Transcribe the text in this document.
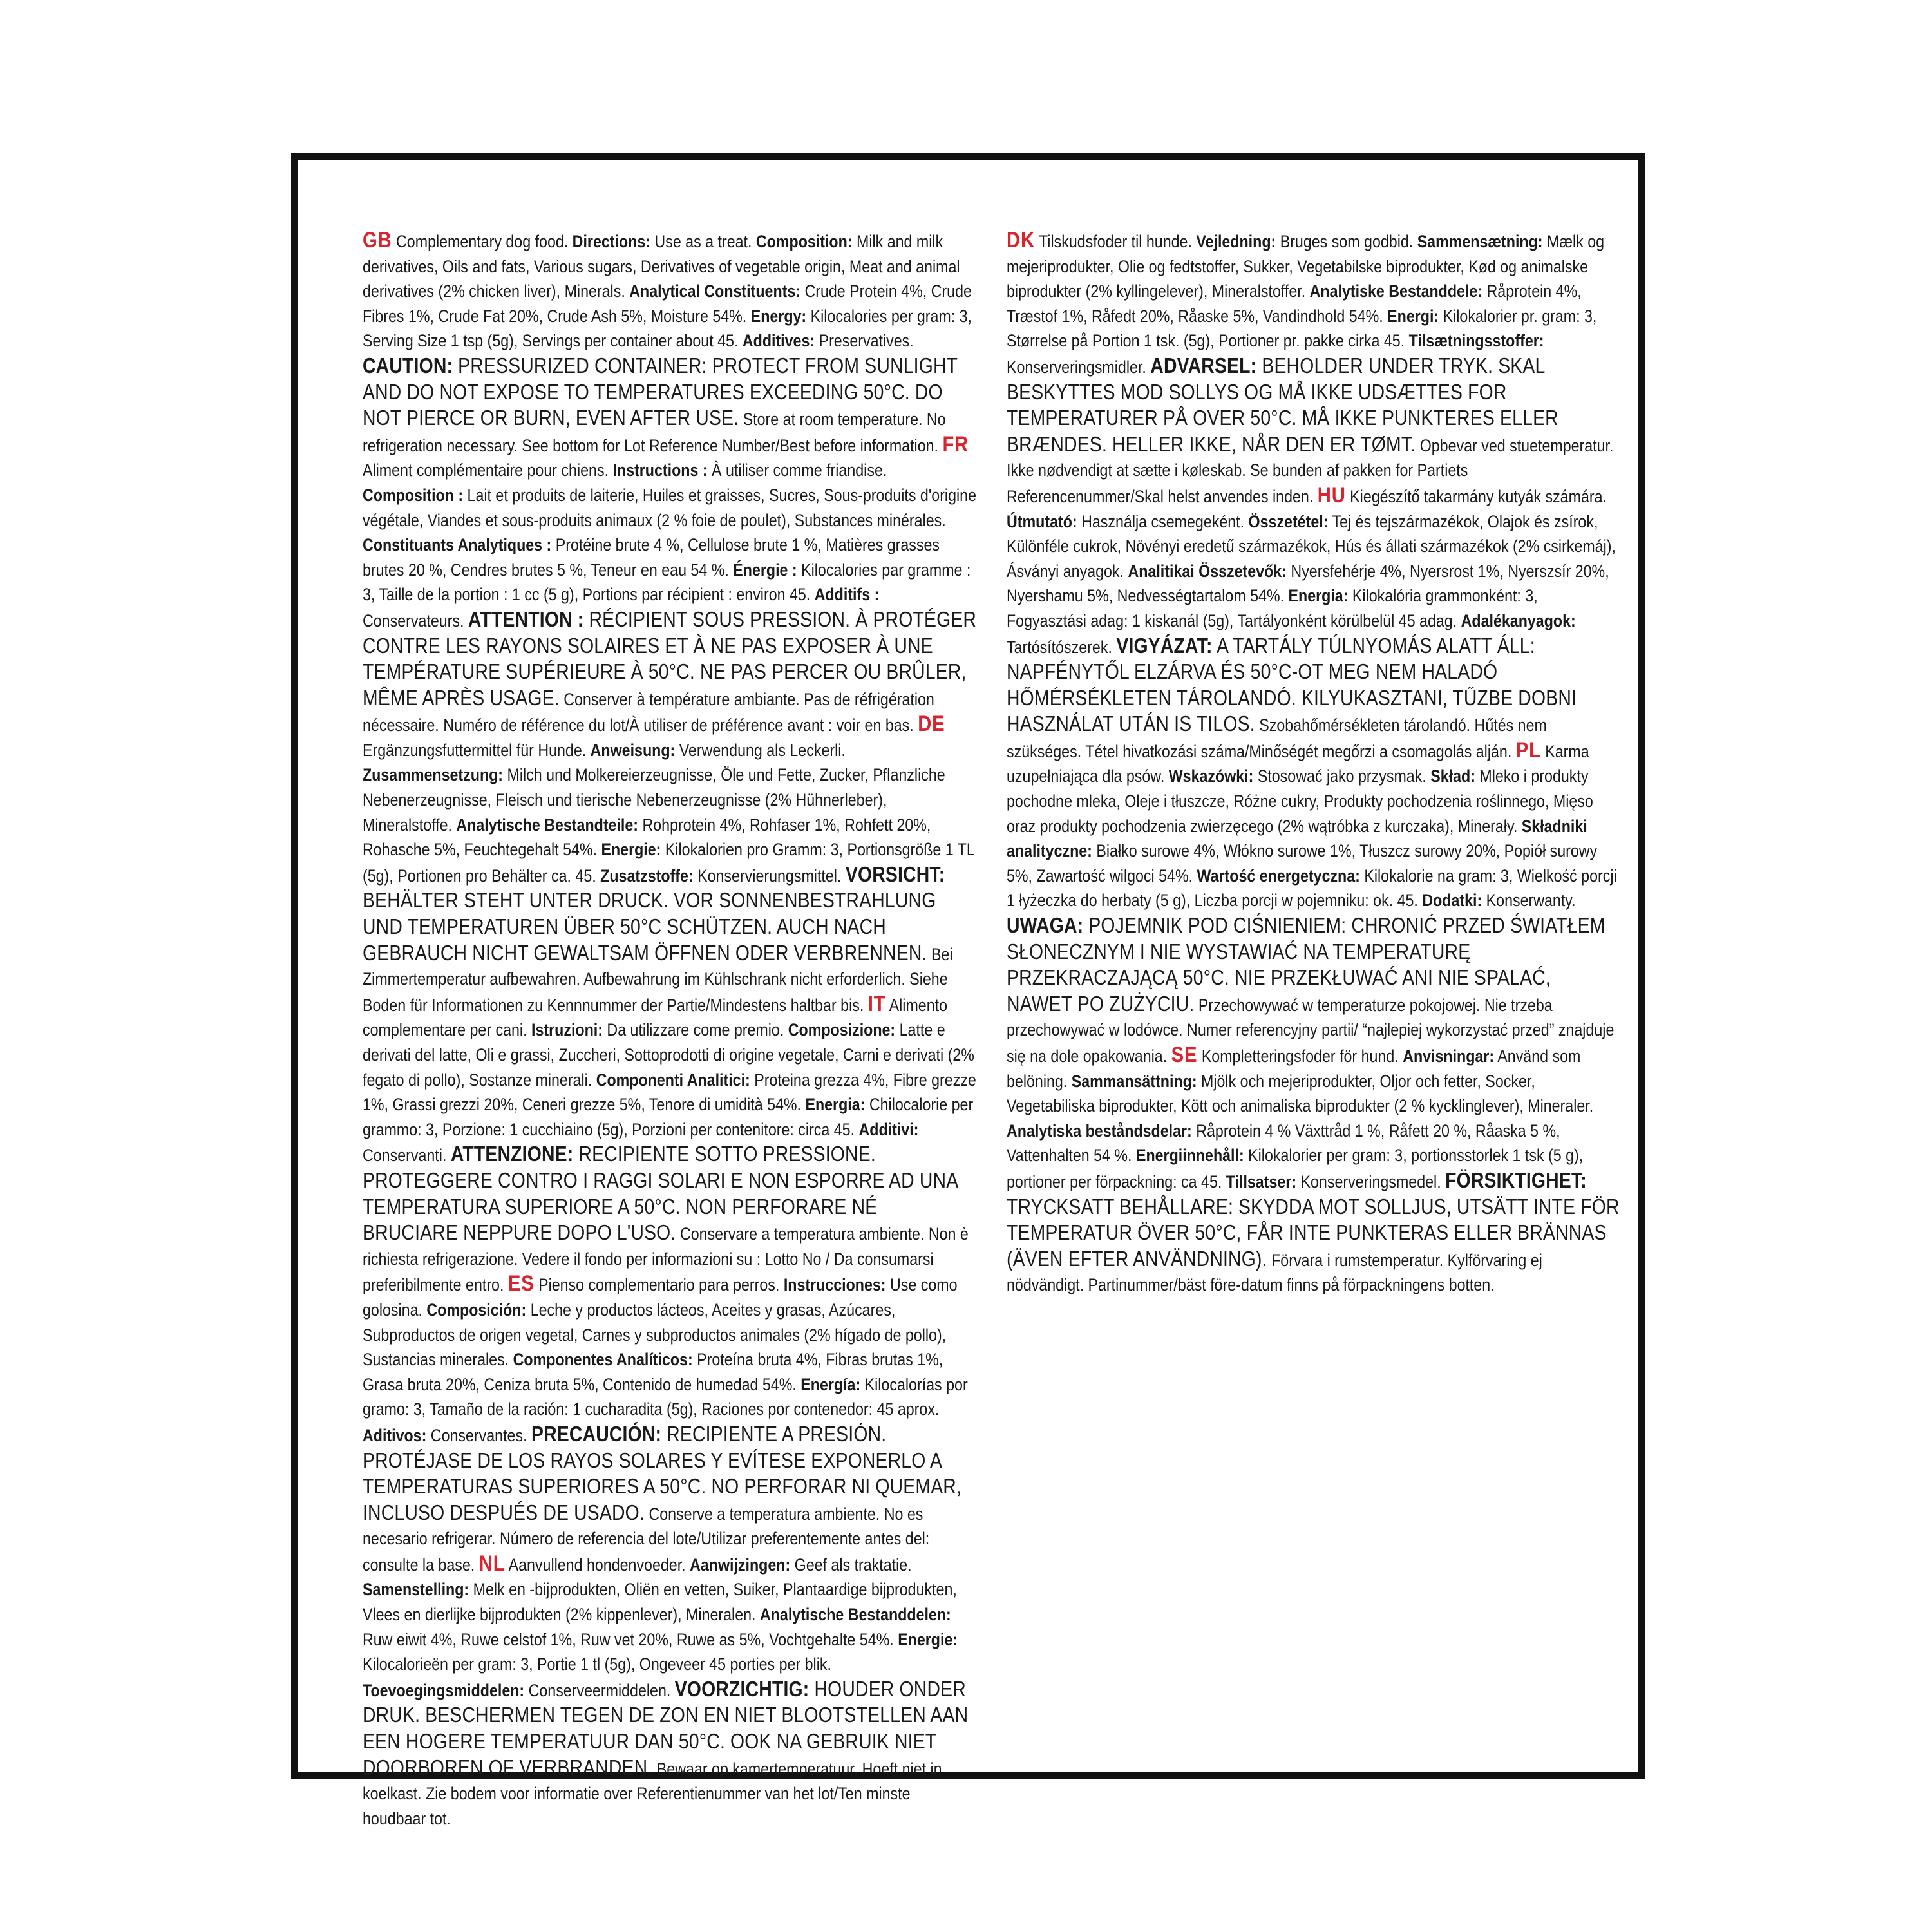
GB Complementary dog food. Directions: Use as a treat. Composition: Milk and milk derivatives, Oils and fats, Various sugars, Derivatives of vegetable origin, Meat and animal derivatives (2% chicken liver), Minerals. Analytical Constituents: Crude Protein 4%, Crude Fibres 1%, Crude Fat 20%, Crude Ash 5%, Moisture 54%. Energy: Kilocalories per gram: 3, Serving Size 1 tsp (5g), Servings per container about 45. Additives: Preservatives. CAUTION: PRESSURIZED CONTAINER: PROTECT FROM SUNLIGHT AND DO NOT EXPOSE TO TEMPERATURES EXCEEDING 50°C. DO NOT PIERCE OR BURN, EVEN AFTER USE. Store at room temperature. No refrigeration necessary. See bottom for Lot Reference Number/Best before information. FR Aliment complémentaire pour chiens. Instructions : À utiliser comme friandise. Composition : Lait et produits de laiterie, Huiles et graisses, Sucres, Sous-produits d'origine végétale, Viandes et sous-produits animaux (2 % foie de poulet), Substances minérales. Constituants Analytiques : Protéine brute 4 %, Cellulose brute 1 %, Matières grasses brutes 20 %, Cendres brutes 5 %, Teneur en eau 54 %. Énergie : Kilocalories par gramme : 3, Taille de la portion : 1 cc (5 g), Portions par récipient : environ 45. Additifs : Conservateurs. ATTENTION : RÉCIPIENT SOUS PRESSION. À PROTÉGER CONTRE LES RAYONS SOLAIRES ET À NE PAS EXPOSER À UNE TEMPÉRATURE SUPÉRIEURE À 50°C. NE PAS PERCER OU BRÛLER, MÊME APRÈS USAGE. Conserver à température ambiante. Pas de réfrigération nécessaire. Numéro de référence du lot/À utiliser de préférence avant : voir en bas. DE Ergänzungsfuttermittel für Hunde. Anweisung: Verwendung als Leckerli. Zusammensetzung: Milch und Molkereierzeugnisse, Öle und Fette, Zucker, Pflanzliche Nebenerzeugnisse, Fleisch und tierische Nebenerzeugnisse (2% Hühnerleber), Mineralstoffe. Analytische Bestandteile: Rohprotein 4%, Rohfaser 1%, Rohfett 20%, Rohasche 5%, Feuchtegehalt 54%. Energie: Kilokalorien pro Gramm: 3, Portionsgröße 1 TL (5g), Portionen pro Behälter ca. 45. Zusatzstoffe: Konservierungsmittel. VORSICHT: BEHÄLTER STEHT UNTER DRUCK. VOR SONNENBESTRAHLUNG UND TEMPERATUREN ÜBER 50°C SCHÜTZEN. AUCH NACH GEBRAUCH NICHT GEWALTSAM ÖFFNEN ODER VERBRENNEN. Bei Zimmertemperatur aufbewahren. Aufbewahrung im Kühlschrank nicht erforderlich. Siehe Boden für Informationen zu Kennnummer der Partie/Mindestens haltbar bis. IT Alimento complementare per cani. Istruzioni: Da utilizzare come premio. Composizione: Latte e derivati del latte, Oli e grassi, Zuccheri, Sottoprodotti di origine vegetale, Carni e derivati (2% fegato di pollo), Sostanze minerali. Componenti Analitici: Proteina grezza 4%, Fibre grezze 1%, Grassi grezzi 20%, Ceneri grezze 5%, Tenore di umidità 54%. Energia: Chilocalorie per grammo: 3, Porzione: 1 cucchiaino (5g), Porzioni per contenitore: circa 45. Additivi: Conservanti. ATTENZIONE: RECIPIENTE SOTTO PRESSIONE. PROTEGGERE CONTRO I RAGGI SOLARI E NON ESPORRE AD UNA TEMPERATURA SUPERIORE A 50°C. NON PERFORARE NÉ BRUCIARE NEPPURE DOPO L'USO. Conservare a temperatura ambiente. Non è richiesta refrigerazione. Vedere il fondo per informazioni su : Lotto No / Da consumarsi preferibilmente entro. ES Pienso complementario para perros. Instrucciones: Use como golosina. Composición: Leche y productos lácteos, Aceites y grasas, Azúcares, Subproductos de origen vegetal, Carnes y subproductos animales (2% hígado de pollo), Sustancias minerales. Componentes Analíticos: Proteína bruta 4%, Fibras brutas 1%, Grasa bruta 20%, Ceniza bruta 5%, Contenido de humedad 54%. Energía: Kilocalorías por gramo: 3, Tamaño de la ración: 1 cucharadita (5g), Raciones por contenedor: 45 aprox. Aditivos: Conservantes. PRECAUCIÓN: RECIPIENTE A PRESIÓN. PROTÉJASE DE LOS RAYOS SOLARES Y EVÍTESE EXPONERLO A TEMPERATURAS SUPERIORES A 50°C. NO PERFORAR NI QUEMAR, INCLUSO DESPUÉS DE USADO. Conserve a temperatura ambiente. No es necesario refrigerar. Número de referencia del lote/Utilizar preferentemente antes del: consulte la base. NL Aanvullend hondenvoeder. Aanwijzingen: Geef als traktatie. Samenstelling: Melk en -bijprodukten, Oliën en vetten, Suiker, Plantaardige bijprodukten, Vlees en dierlijke bijprodukten (2% kippenlever), Mineralen. Analytische Bestanddelen: Ruw eiwit 4%, Ruwe celstof 1%, Ruw vet 20%, Ruwe as 5%, Vochtgehalte 54%. Energie: Kilocalorieën per gram: 3, Portie 1 tl (5g), Ongeveer 45 porties per blik. Toevoegingsmiddelen: Conserveermiddelen. VOORZICHTIG: HOUDER ONDER DRUK. BESCHERMEN TEGEN DE ZON EN NIET BLOOTSTELLEN AAN EEN HOGERE TEMPERATUUR DAN 50°C. OOK NA GEBRUIK NIET DOORBOREN OF VERBRANDEN. Bewaar op kamertemperatuur. Hoeft niet in koelkast. Zie bodem voor informatie over Referentienummer van het lot/Ten minste houdbaar tot.

DK Tilskudsfoder til hunde. Vejledning: Bruges som godbid. Sammensætning: Mælk og mejeriprodukter, Olie og fedtstoffer, Sukker, Vegetabilske biprodukter, Kød og animalske biprodukter (2% kyllingelever), Mineralstoffer. Analytiske Bestanddele: Råprotein 4%, Træstof 1%, Råfedt 20%, Råaske 5%, Vandindhold 54%. Energi: Kilokalorier pr. gram: 3, Størrelse på Portion 1 tsk. (5g), Portioner pr. pakke cirka 45. Tilsætningsstoffer: Konserveringsmidler. ADVARSEL: BEHOLDER UNDER TRYK. SKAL BESKYTTES MOD SOLLYS OG MÅ IKKE UDSÆTTES FOR TEMPERATURER PÅ OVER 50°C. MÅ IKKE PUNKTERES ELLER BRÆNDES. HELLER IKKE, NÅR DEN ER TØMT. Opbevar ved stuetemperatur. Ikke nødvendigt at sætte i køleskab. Se bunden af pakken for Partiets Referencenummer/Skal helst anvendes inden. HU Kiegészítő takarmány kutyák számára. Útmutató: Használja csemegeként. Összetétel: Tej és tejszármazékok, Olajok és zsírok, Különféle cukrok, Növényi eredetű származékok, Hús és állati származékok (2% csirkemáj), Ásványi anyagok. Analitikai Összetevők: Nyersfehérje 4%, Nyersrost 1%, Nyerszsír 20%, Nyershamu 5%, Nedvességtartalom 54%. Energia: Kilokalória grammonként: 3, Fogyasztási adag: 1 kiskanál (5g), Tartályonként körülbelül 45 adag. Adalékanyagok: Tartósítószerek. VIGYÁZAT: A TARTÁLY TÚLNYOMÁS ALATT ÁLL: NAPFÉNYTŐL ELZÁRVA ÉS 50°C-OT MEG NEM HALADÓ HŐMÉRSÉKLETEN TÁROLANDÓ. KILYUKASZTANI, TŰZBE DOBNI HASZNÁLAT UTÁN IS TILOS. Szobahőmérsékleten tárolandó. Hűtés nem szükséges. Tétel hivatkozási száma/Minőségét megőrzi a csomagolás alján. PL Karma uzupełniająca dla psów. Wskazówki: Stosować jako przysmak. Skład: Mleko i produkty pochodne mleka, Oleje i tłuszcze, Różne cukry, Produkty pochodzenia roślinnego, Mięso oraz produkty pochodzenia zwierzęcego (2% wątróbka z kurczaka), Minerały. Składniki analityczne: Białko surowe 4%, Włókno surowe 1%, Tłuszcz surowy 20%, Popiół surowy 5%, Zawartość wilgoci 54%. Wartość energetyczna: Kilokalorie na gram: 3, Wielkość porcji 1 łyżeczka do herbaty (5 g), Liczba porcji w pojemniku: ok. 45. Dodatki: Konserwanty. UWAGA: POJEMNIK POD CIŚNIENIEM: CHRONIĆ PRZED ŚWIATŁEM SŁONECZNYM I NIE WYSTAWIAĆ NA TEMPERATURĘ PRZEKRACZAJĄCĄ 50°C. NIE PRZEKŁUWAĆ ANI NIE SPALAĆ, NAWET PO ZUŻYCIU. Przechowywać w temperaturze pokojowej. Nie trzeba przechowywać w lodówce. Numer referencyjny partii/ “najlepiej wykorzystać przed” znajduje się na dole opakowania. SE Kompletteringsfoder för hund. Anvisningar: Använd som belöning. Sammansättning: Mjölk och mejeriprodukter, Oljor och fetter, Socker, Vegetabiliska biprodukter, Kött och animaliska biprodukter (2 % kycklinglever), Mineraler. Analytiska beståndsdelar: Råprotein 4 % Växttråd 1 %, Råfett 20 %, Råaska 5 %, Vattenhalten 54 %. Energiinnehåll: Kilokalorier per gram: 3, portionsstorlek 1 tsk (5 g), portioner per förpackning: ca 45. Tillsatser: Konserveringsmedel. FÖRSIKTIGHET: TRYCKSATT BEHÅLLARE: SKYDDA MOT SOLLJUS, UTSÄTT INTE FÖR TEMPERATUR ÖVER 50°C, FÅR INTE PUNKTERAS ELLER BRÄNNAS (ÄVEN EFTER ANVÄNDNING). Förvara i rumstemperatur. Kylförvaring ej nödvändigt. Partinummer/bäst före-datum finns på förpackningens botten.
